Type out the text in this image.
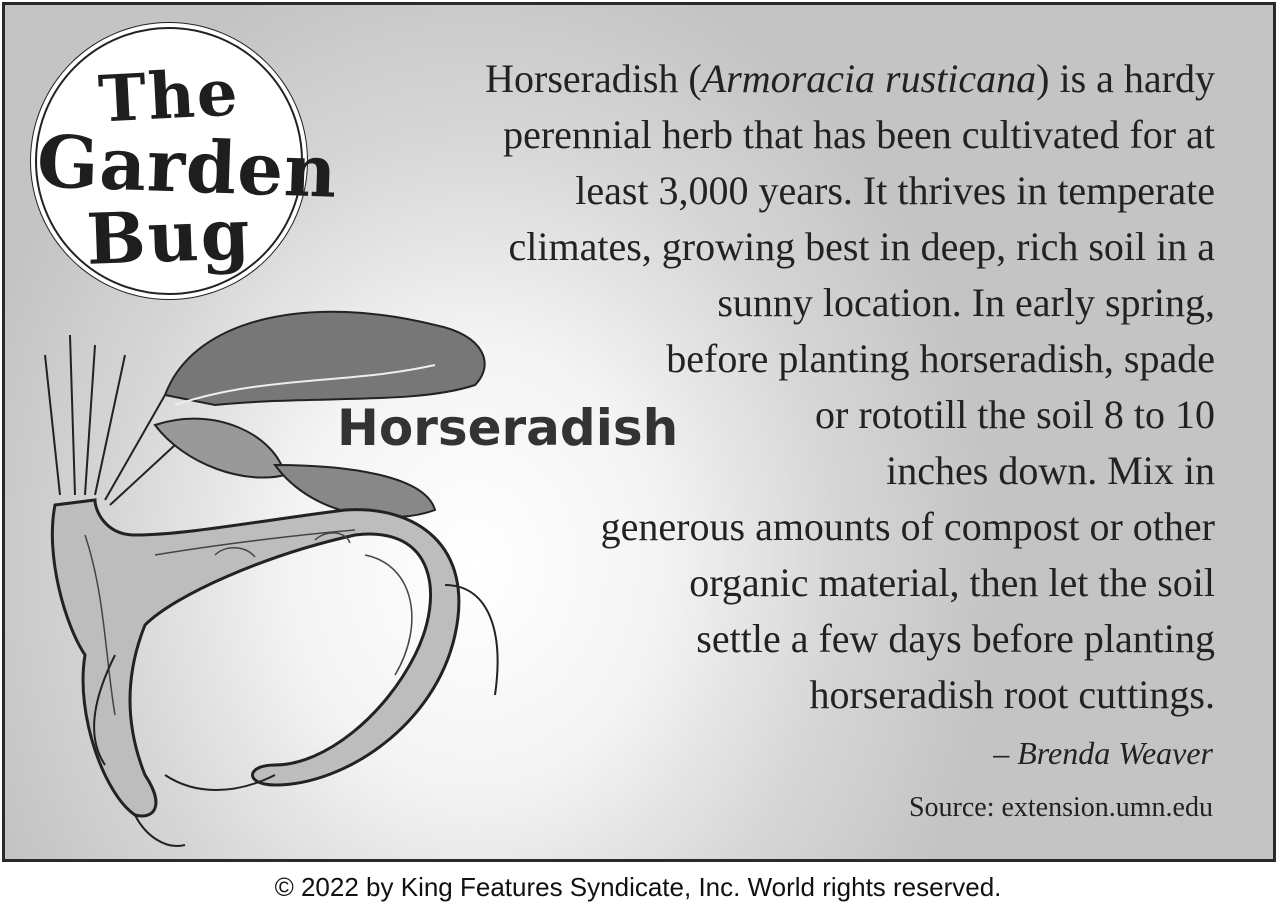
The
Garden
Bug
Horseradish
Horseradish (Armoracia rusticana) is a hardy
perennial herb that has been cultivated for at
least 3,000 years. It thrives in temperate
climates, growing best in deep, rich soil in a
sunny location. In early spring,
before planting horseradish, spade
or rototill the soil 8 to 10
inches down. Mix in
generous amounts of compost or other
organic material, then let the soil
settle a few days before planting
horseradish root cuttings.
– Brenda Weaver
Source: extension.umn.edu
© 2022 by King Features Syndicate, Inc. World rights reserved.
